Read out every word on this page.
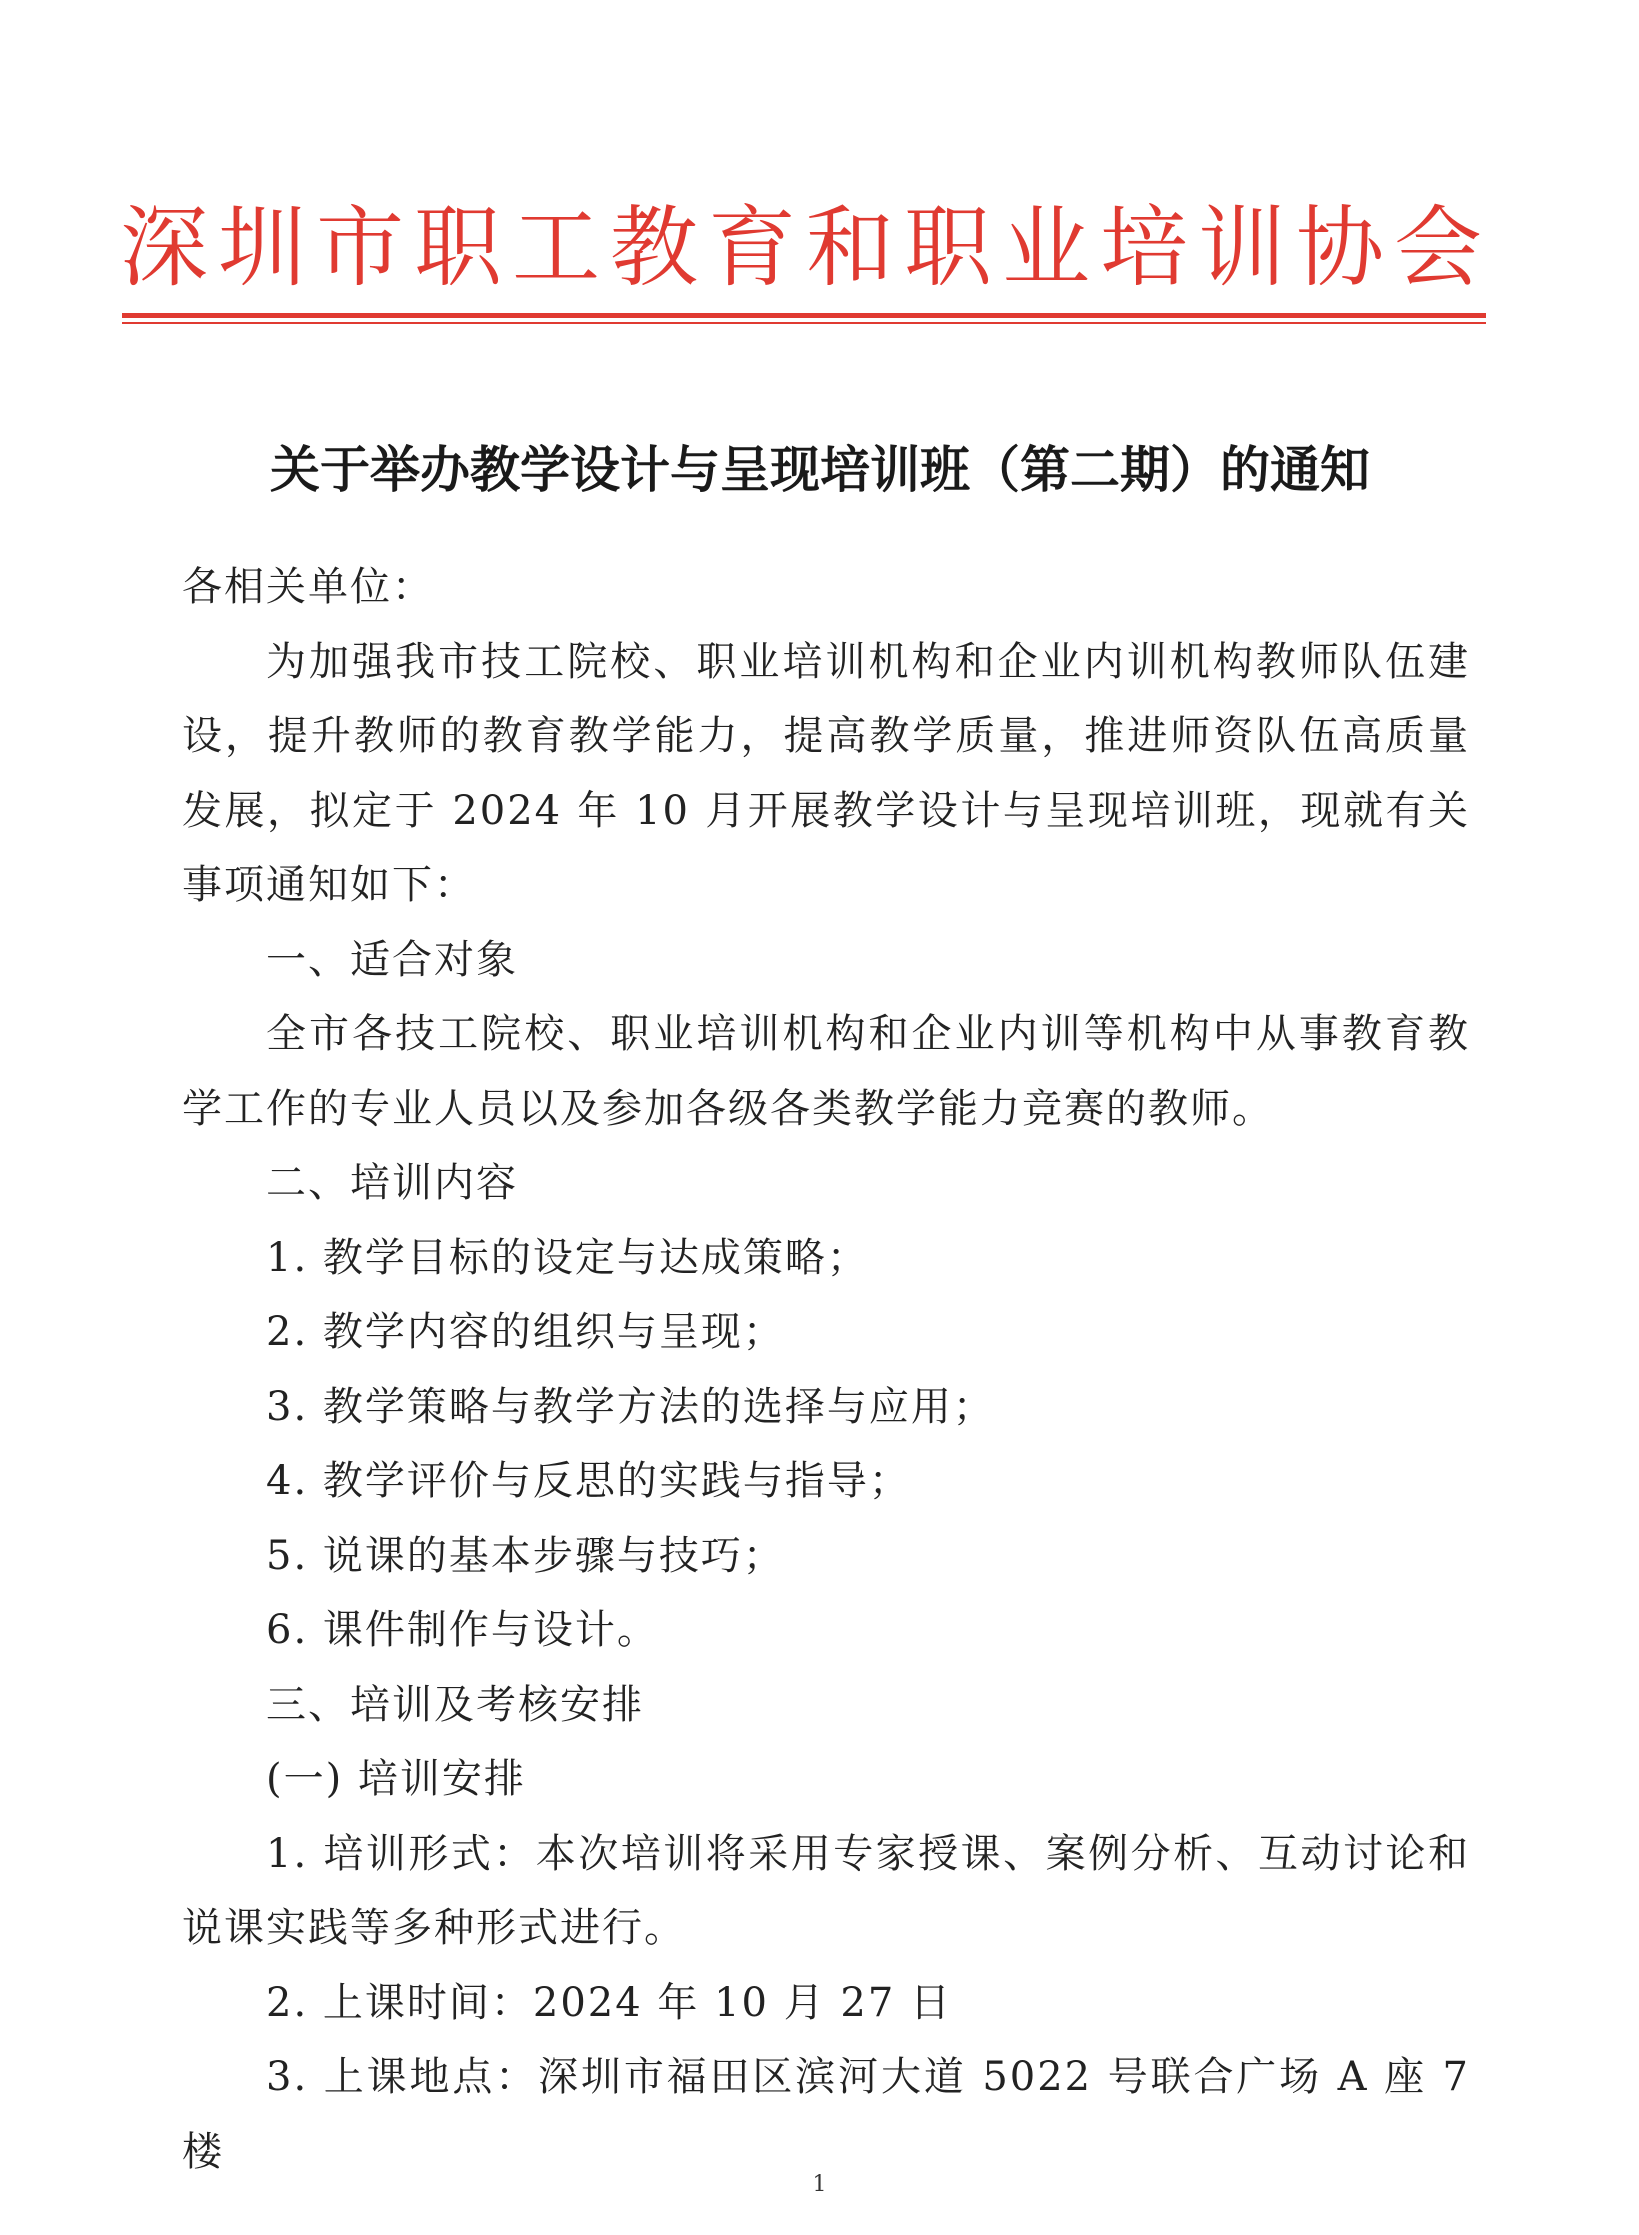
深圳市职工教育和职业培训协会
关于举办教学设计与呈现培训班（第二期）的通知

各相关单位：

为加强我市技工院校、职业培训机构和企业内训机构教师队伍建设，提升教师的教育教学能力，提高教学质量，推进师资队伍高质量发展，拟定于 2024 年 10 月开展教学设计与呈现培训班，现就有关事项通知如下：

一、适合对象

全市各技工院校、职业培训机构和企业内训等机构中从事教育教学工作的专业人员以及参加各级各类教学能力竞赛的教师。

二、培训内容

1. 教学目标的设定与达成策略；

2. 教学内容的组织与呈现；

3. 教学策略与教学方法的选择与应用；

4. 教学评价与反思的实践与指导；

5. 说课的基本步骤与技巧；

6. 课件制作与设计。

三、培训及考核安排

(一) 培训安排

1. 培训形式：本次培训将采用专家授课、案例分析、互动讨论和说课实践等多种形式进行。

2. 上课时间：2024 年 10 月 27 日

3. 上课地点：深圳市福田区滨河大道 5022 号联合广场 A 座 7 楼

1
